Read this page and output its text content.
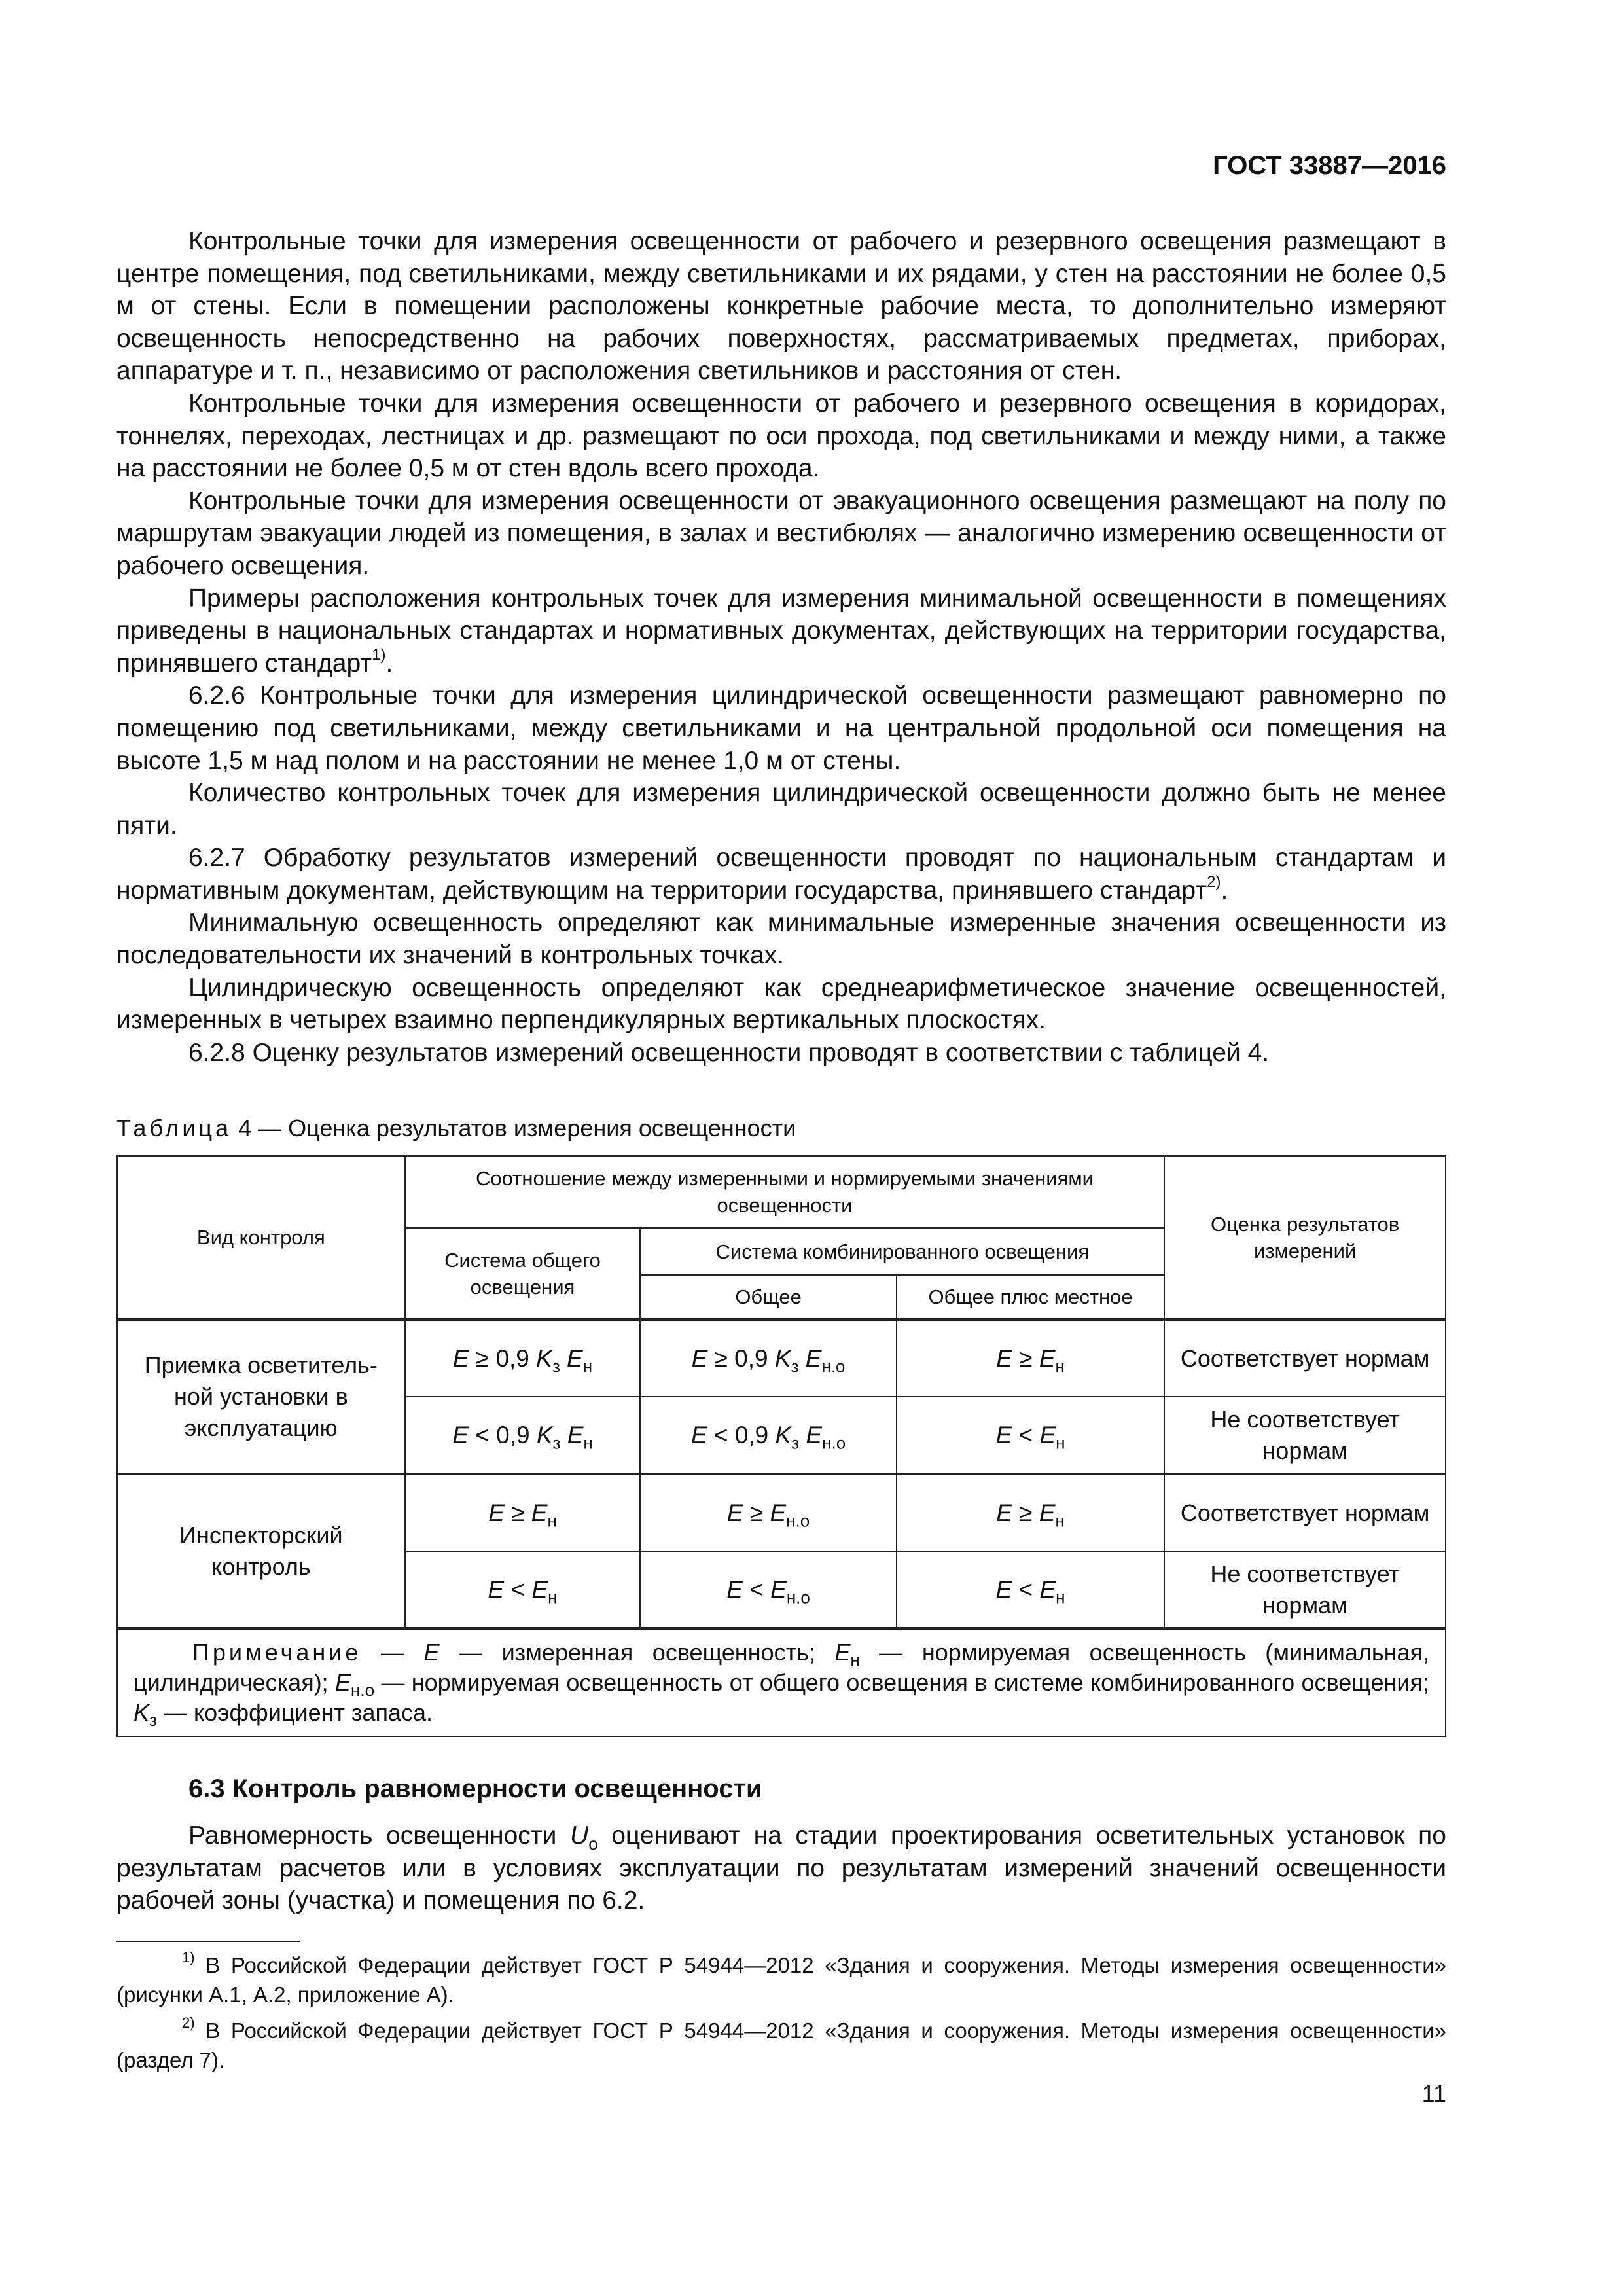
ГОСТ 33887—2016

Контрольные точки для измерения освещенности от рабочего и резервного освещения размещают в центре помещения, под светильниками, между светильниками и их рядами, у стен на расстоянии не более 0,5 м от стены. Если в помещении расположены конкретные рабочие места, то дополнительно измеряют освещенность непосредственно на рабочих поверхностях, рассматриваемых предметах, приборах, аппаратуре и т. п., независимо от расположения светильников и расстояния от стен.

Контрольные точки для измерения освещенности от рабочего и резервного освещения в коридорах, тоннелях, переходах, лестницах и др. размещают по оси прохода, под светильниками и между ними, а также на расстоянии не более 0,5 м от стен вдоль всего прохода.

Контрольные точки для измерения освещенности от эвакуационного освещения размещают на полу по маршрутам эвакуации людей из помещения, в залах и вестибюлях — аналогично измерению освещенности от рабочего освещения.

Примеры расположения контрольных точек для измерения минимальной освещенности в помещениях приведены в национальных стандартах и нормативных документах, действующих на территории государства, принявшего стандарт$^{1)}$.

6.2.6 Контрольные точки для измерения цилиндрической освещенности размещают равномерно по помещению под светильниками, между светильниками и на центральной продольной оси помещения на высоте 1,5 м над полом и на расстоянии не менее 1,0 м от стены.

Количество контрольных точек для измерения цилиндрической освещенности должно быть не менее пяти.

6.2.7 Обработку результатов измерений освещенности проводят по национальным стандартам и нормативным документам, действующим на территории государства, принявшего стандарт$^{2)}$.

Минимальную освещенность определяют как минимальные измеренные значения освещенности из последовательности их значений в контрольных точках.

Цилиндрическую освещенность определяют как среднеарифметическое значение освещенностей, измеренных в четырех взаимно перпендикулярных вертикальных плоскостях.

6.2.8 Оценку результатов измерений освещенности проводят в соответствии с таблицей 4.

Таблица 4 — Оценка результатов измерения освещенности
Вид контроля	Соотношение между измеренными и нормируемыми значениями освещенности			Оценка результатов измерений
	Система общего освещения	Система комбинированного освещения		
		Общее	Общее плюс местное	
Приемка осветитель-ной установки в эксплуатацию	E ≥ 0,9 $K_з$ $E_н$	E ≥ 0,9 $K_з$ $E_{н.о}$	$E \ge E_н$	Соответствует нормам
	E < 0,9 $K_з$ $E_н$	E < 0,9 $K_з$ $E_{н.о}$	$E < E_н$	Не соответствует нормам
Инспекторский контроль	$E \ge E_н$	$E \ge E_{н.о}$	$E \ge E_н$	Соответствует нормам
	$E < E_н$	$E < E_{н.о}$	$E < E_н$	Не соответствует нормам
Примечание — E — измеренная освещенность; $E_н$ — нормируемая освещенность (минимальная, цилиндрическая); $E_{н.о}$ — нормируемая освещенность от общего освещения в системе комбинированного освещения; $K_з$ — коэффициент запаса.				
6.3 Контроль равномерности освещенности

Равномерность освещенности $U_о$ оценивают на стадии проектирования осветительных установок по результатам расчетов или в условиях эксплуатации по результатам измерений значений освещенности рабочей зоны (участка) и помещения по 6.2.

$^{1)}$ В Российской Федерации действует ГОСТ Р 54944—2012 «Здания и сооружения. Методы измерения освещенности» (рисунки А.1, А.2, приложение А).

$^{2)}$ В Российской Федерации действует ГОСТ Р 54944—2012 «Здания и сооружения. Методы измерения освещенности» (раздел 7).

11
